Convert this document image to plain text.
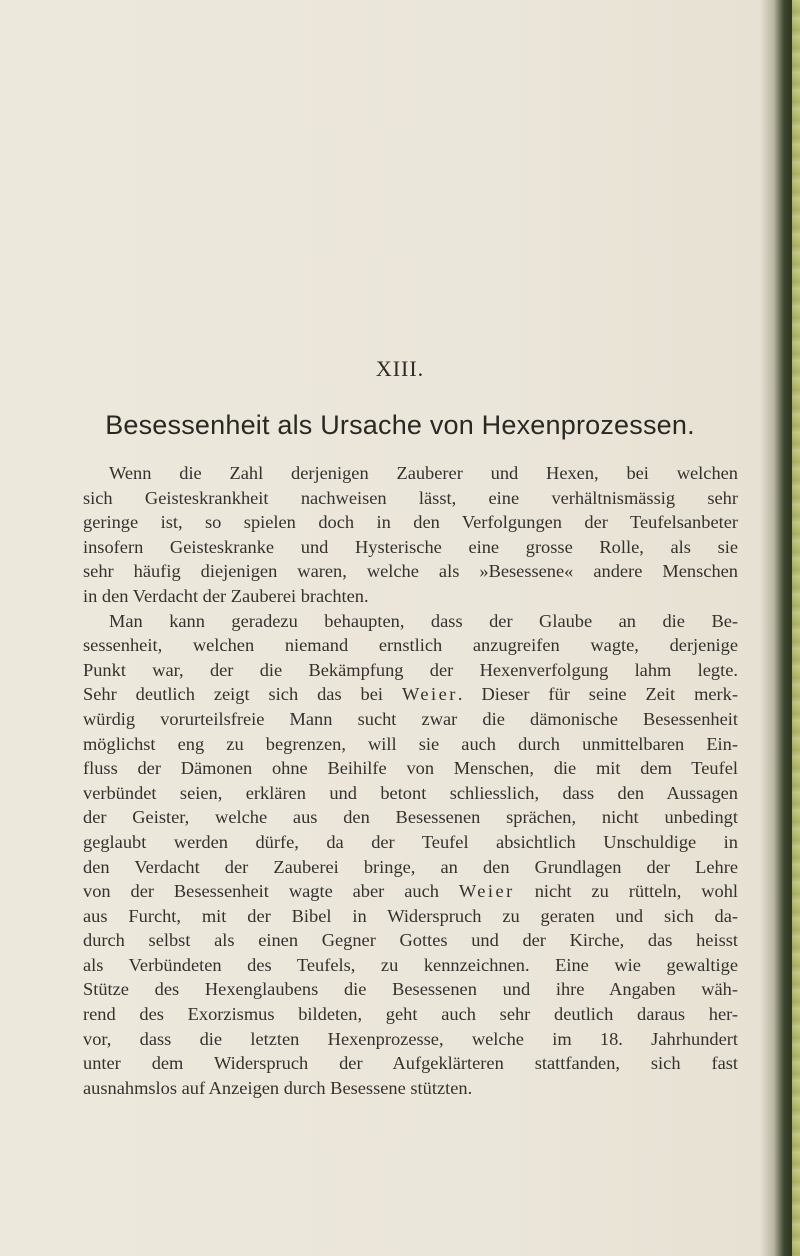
XIII.
Besessenheit als Ursache von Hexenprozessen.
Wenn die Zahl derjenigen Zauberer und Hexen, bei welchen
sich Geisteskrankheit nachweisen lässt, eine verhältnismässig sehr
geringe ist, so spielen doch in den Verfolgungen der Teufelsanbeter
insofern Geisteskranke und Hysterische eine grosse Rolle, als sie
sehr häufig diejenigen waren, welche als »Besessene« andere Menschen
in den Verdacht der Zauberei brachten.
Man kann geradezu behaupten, dass der Glaube an die Be-
sessenheit, welchen niemand ernstlich anzugreifen wagte, derjenige
Punkt war, der die Bekämpfung der Hexenverfolgung lahm legte.
Sehr deutlich zeigt sich das bei Weier. Dieser für seine Zeit merk-
würdig vorurteilsfreie Mann sucht zwar die dämonische Besessenheit
möglichst eng zu begrenzen, will sie auch durch unmittelbaren Ein-
fluss der Dämonen ohne Beihilfe von Menschen, die mit dem Teufel
verbündet seien, erklären und betont schliesslich, dass den Aussagen
der Geister, welche aus den Besessenen sprächen, nicht unbedingt
geglaubt werden dürfe, da der Teufel absichtlich Unschuldige in
den Verdacht der Zauberei bringe, an den Grundlagen der Lehre
von der Besessenheit wagte aber auch Weier nicht zu rütteln, wohl
aus Furcht, mit der Bibel in Widerspruch zu geraten und sich da-
durch selbst als einen Gegner Gottes und der Kirche, das heisst
als Verbündeten des Teufels, zu kennzeichnen. Eine wie gewaltige
Stütze des Hexenglaubens die Besessenen und ihre Angaben wäh-
rend des Exorzismus bildeten, geht auch sehr deutlich daraus her-
vor, dass die letzten Hexenprozesse, welche im 18. Jahrhundert
unter dem Widerspruch der Aufgeklärteren stattfanden, sich fast
ausnahmslos auf Anzeigen durch Besessene stützten.
